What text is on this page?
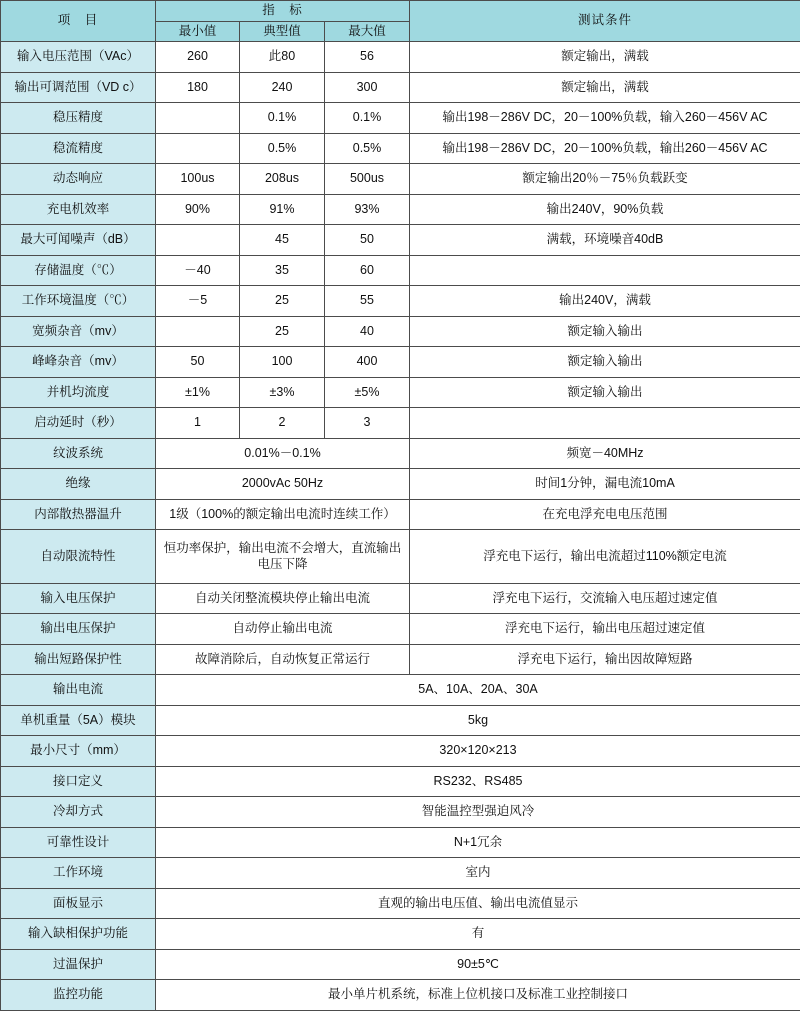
项　目	指　标			测试条件
	最小值	典型值	最大值	
输入电压范围（VAc）	260	此80	56	额定输出，满载
输出可调范围（VD c）	180	240	300	额定输出，满载
稳压精度		0.1%	0.1%	输出198－286V DC，20－100%负载，输入260－456V AC
稳流精度		0.5%	0.5%	输出198－286V DC，20－100%负载，输出260－456V AC
动态响应	100us	208us	500us	额定输出20％－75％负载跃变
充电机效率	90%	91%	93%	输出240V，90%负载
最大可闻噪声（dB）		45	50	满载，环境噪音40dB
存储温度（℃）	－40	35	60	
工作环境温度（℃）	－5	25	55	输出240V，满载
宽频杂音（mv）		25	40	额定输入输出
峰峰杂音（mv）	50	100	400	额定输入输出
并机均流度	±1%	±3%	±5%	额定输入输出
启动延时（秒）	1	2	3	
纹波系统	0.01%－0.1%			频宽－40MHz
绝缘	2000vAc 50Hz			时间1分钟，漏电流10mA
内部散热器温升	1级（100%的额定输出电流时连续工作）			在充电浮充电电压范围
自动限流特性	恒功率保护，输出电流不会增大，直流输出电压下降			浮充电下运行，输出电流超过110%额定电流
输入电压保护	自动关闭整流模块停止输出电流			浮充电下运行，交流输入电压超过速定值
输出电压保护	自动停止输出电流			浮充电下运行，输出电压超过速定值
输出短路保护性	故障消除后，自动恢复正常运行			浮充电下运行，输出因故障短路
输出电流	5A、10A、20A、30A			
单机重量（5A）模块	5kg			
最小尺寸（mm）	320×120×213			
接口定义	RS232、RS485			
冷却方式	智能温控型强迫风冷			
可靠性设计	N+1冗余			
工作环境	室内			
面板显示	直观的输出电压值、输出电流值显示			
输入缺相保护功能	有			
过温保护	90±5℃			
监控功能	最小单片机系统，标准上位机接口及标准工业控制接口			
